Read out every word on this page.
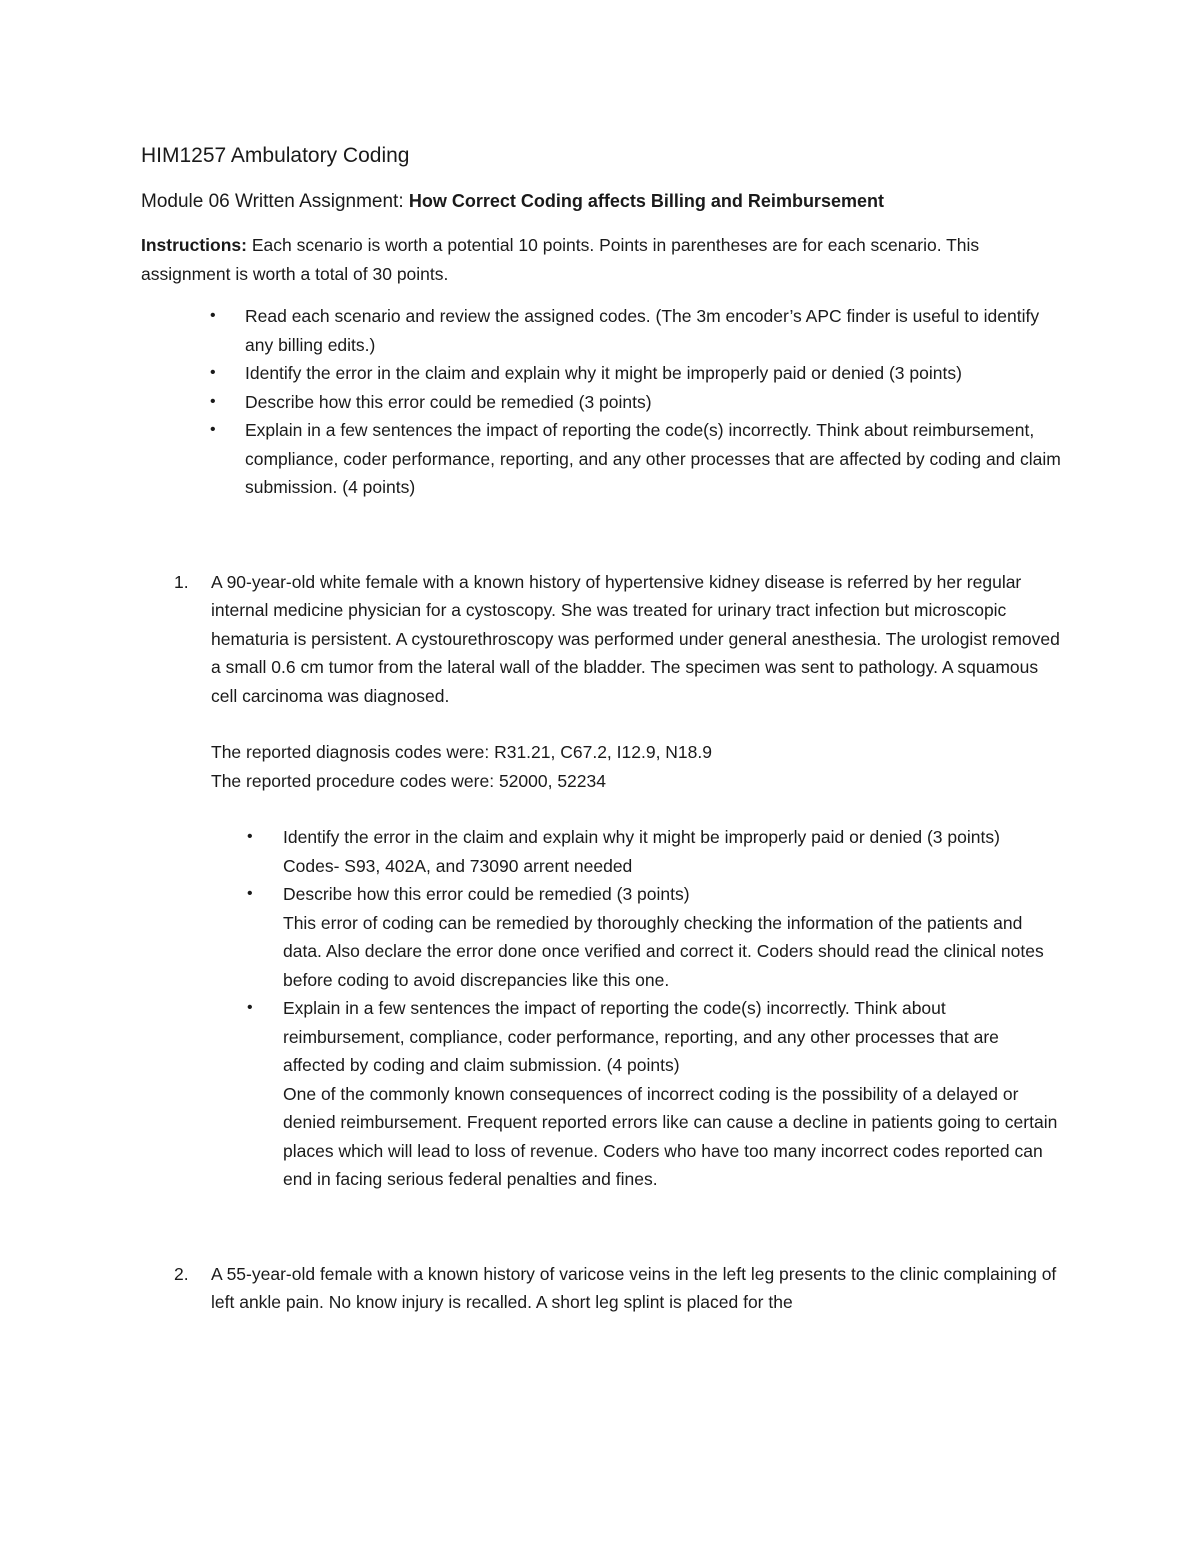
HIM1257 Ambulatory Coding
Module 06 Written Assignment: How Correct Coding affects Billing and Reimbursement

Instructions: Each scenario is worth a potential 10 points. Points in parentheses are for each scenario. This assignment is worth a total of 30 points.

• Read each scenario and review the assigned codes. (The 3m encoder’s APC finder is useful to identify any billing edits.)
• Identify the error in the claim and explain why it might be improperly paid or denied (3 points)
• Describe how this error could be remedied (3 points)
• Explain in a few sentences the impact of reporting the code(s) incorrectly. Think about reimbursement, compliance, coder performance, reporting, and any other processes that are affected by coding and claim submission. (4 points)
1. A 90-year-old white female with a known history of hypertensive kidney disease is referred by her regular internal medicine physician for a cystoscopy. She was treated for urinary tract infection but microscopic hematuria is persistent. A cystourethroscopy was performed under general anesthesia. The urologist removed a small 0.6 cm tumor from the lateral wall of the bladder. The specimen was sent to pathology. A squamous cell carcinoma was diagnosed.

The reported diagnosis codes were: R31.21, C67.2, I12.9, N18.9
The reported procedure codes were: 52000, 52234

• Identify the error in the claim and explain why it might be improperly paid or denied (3 points)
Codes- S93, 402A, and 73090 arrent needed
• Describe how this error could be remedied (3 points)
This error of coding can be remedied by thoroughly checking the information of the patients and data. Also declare the error done once verified and correct it. Coders should read the clinical notes before coding to avoid discrepancies like this one.
• Explain in a few sentences the impact of reporting the code(s) incorrectly. Think about reimbursement, compliance, coder performance, reporting, and any other processes that are affected by coding and claim submission. (4 points)
One of the commonly known consequences of incorrect coding is the possibility of a delayed or denied reimbursement. Frequent reported errors like can cause a decline in patients going to certain places which will lead to loss of revenue. Coders who have too many incorrect codes reported can end in facing serious federal penalties and fines.
2. A 55-year-old female with a known history of varicose veins in the left leg presents to the clinic complaining of left ankle pain. No know injury is recalled. A short leg splint is placed for the
